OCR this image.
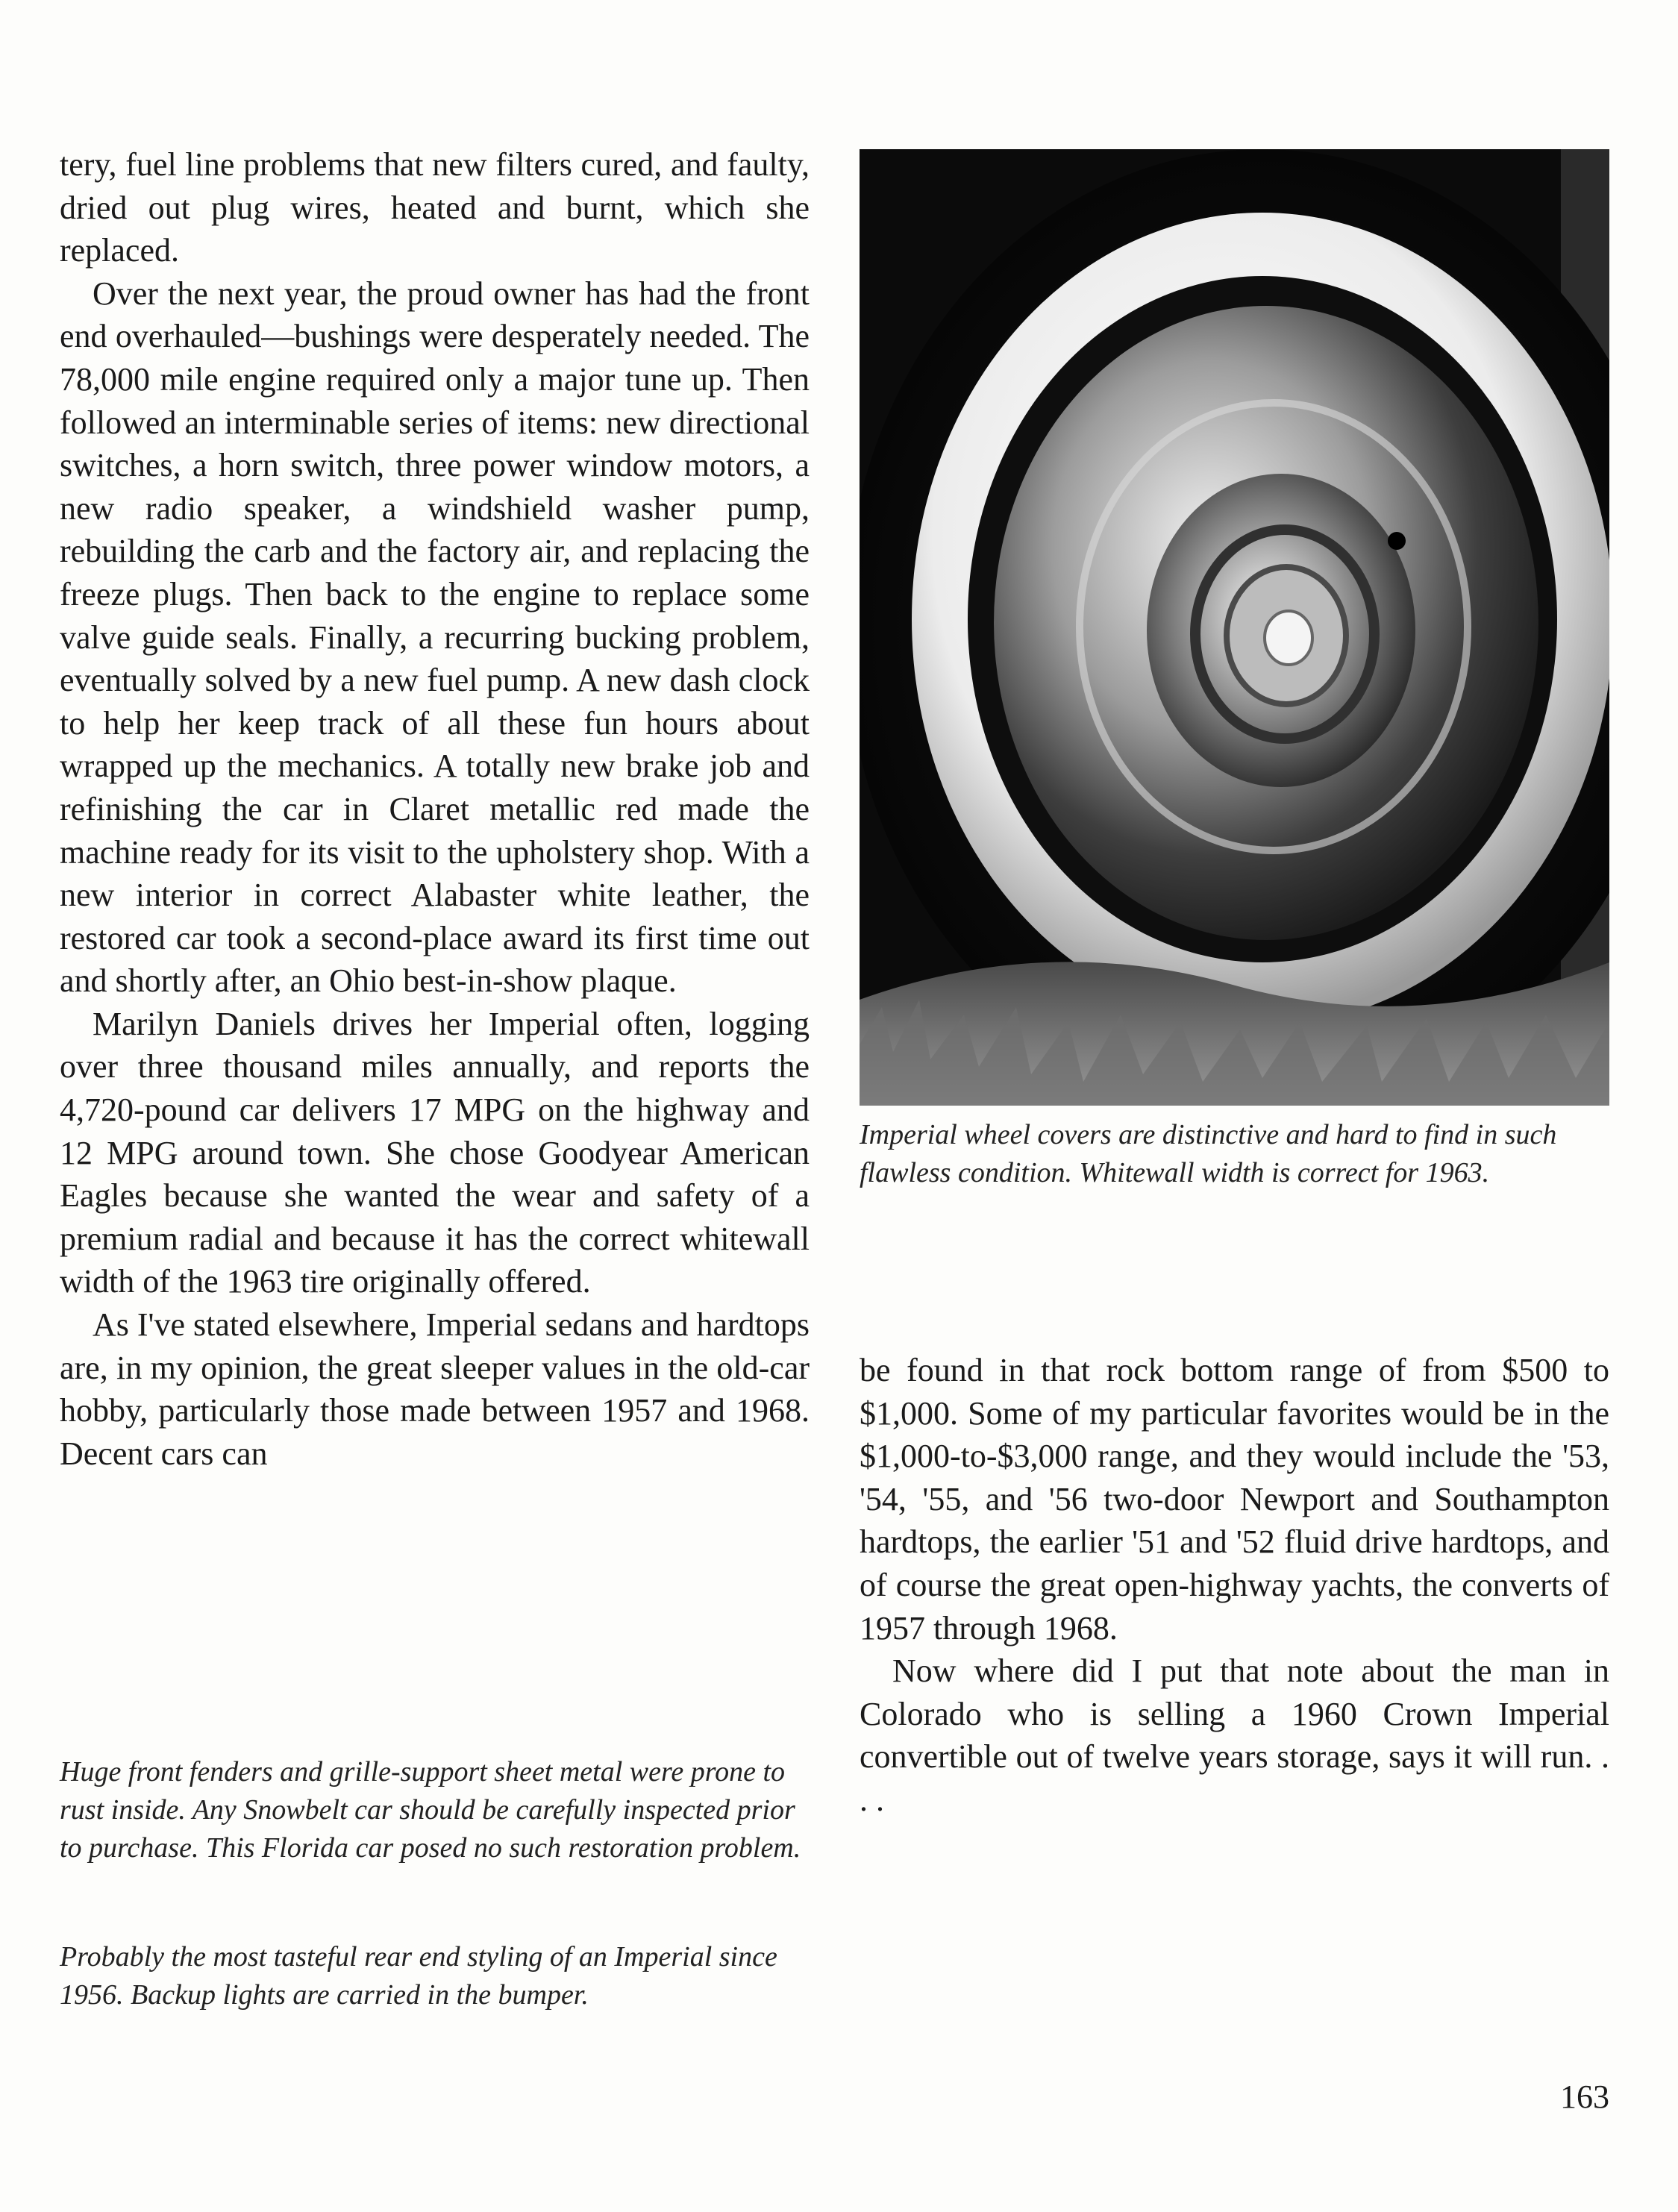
tery, fuel line problems that new filters cured, and faulty, dried out plug wires, heated and burnt, which she replaced.

Over the next year, the proud owner has had the front end overhauled—bushings were desperately needed. The 78,000 mile engine required only a major tune up. Then followed an interminable series of items: new directional switches, a horn switch, three power window motors, a new radio speaker, a windshield washer pump, rebuilding the carb and the factory air, and replacing the freeze plugs. Then back to the engine to replace some valve guide seals. Finally, a recurring bucking problem, eventually solved by a new fuel pump. A new dash clock to help her keep track of all these fun hours about wrapped up the mechanics. A totally new brake job and refinishing the car in Claret metallic red made the machine ready for its visit to the upholstery shop. With a new interior in correct Alabaster white leather, the restored car took a second-place award its first time out and shortly after, an Ohio best-in-show plaque.

Marilyn Daniels drives her Imperial often, logging over three thousand miles annually, and reports the 4,720-pound car delivers 17 MPG on the highway and 12 MPG around town. She chose Goodyear American Eagles because she wanted the wear and safety of a premium radial and because it has the correct whitewall width of the 1963 tire originally offered.

As I've stated elsewhere, Imperial sedans and hardtops are, in my opinion, the great sleeper values in the old-car hobby, particularly those made between 1957 and 1968. Decent cars can

Huge front fenders and grille-support sheet metal were prone to rust inside. Any Snowbelt car should be carefully inspected prior to purchase. This Florida car posed no such restoration problem.

Probably the most tasteful rear end styling of an Imperial since 1956. Backup lights are carried in the bumper.

Imperial wheel covers are distinctive and hard to find in such flawless condition. Whitewall width is correct for 1963.

be found in that rock bottom range of from $500 to $1,000. Some of my particular favorites would be in the $1,000-to-$3,000 range, and they would include the '53, '54, '55, and '56 two-door Newport and Southampton hardtops, the earlier '51 and '52 fluid drive hardtops, and of course the great open-highway yachts, the converts of 1957 through 1968.

Now where did I put that note about the man in Colorado who is selling a 1960 Crown Imperial convertible out of twelve years storage, says it will run. . . .

163
